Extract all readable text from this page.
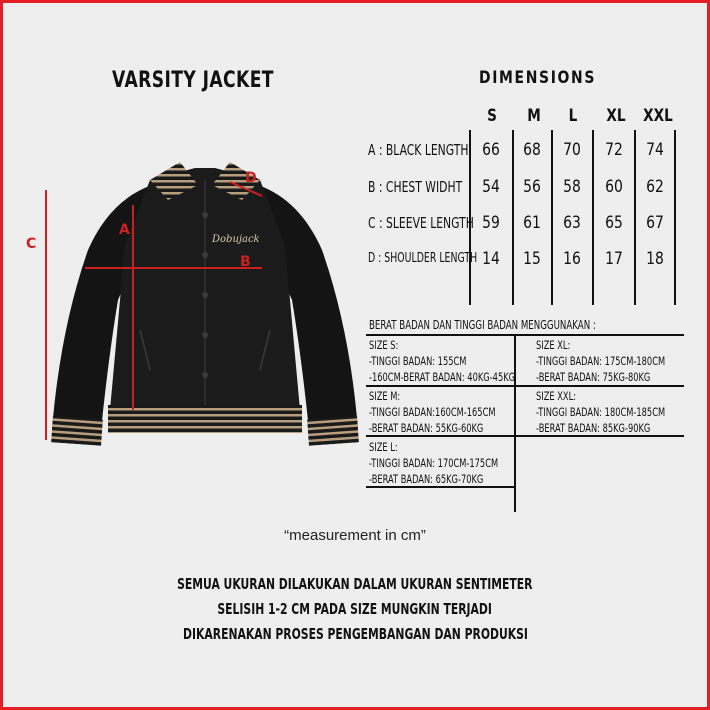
Dobujack
A
B
C
D
VARSITY JACKET	DIMENSIONS
S	M	L	XL	XXL
A : BLACK LENGTH 66	68	70	72	74
B : CHEST WIDHT	54	56	58	60	62
C : SLEEVE LENGTH 59	61	63	65	67
D : SHOULDER LENGTH 14	15	16	17	18
BERAT BADAN DAN TINGGI BADAN MENGGUNAKAN :
SIZE S:
-TINGGI BADAN: 155CM
-160CM-BERAT BADAN: 40KG-45KG
SIZE M:
-TINGGI BADAN:160CM-165CM
-BERAT BADAN: 55KG-60KG
SIZE L:
-TINGGI BADAN: 170CM-175CM
-BERAT BADAN: 65KG-70KG
SIZE XL:
-TINGGI BADAN: 175CM-180CM
-BERAT BADAN: 75KG-80KG
SIZE XXL:
-TINGGI BADAN: 180CM-185CM
-BERAT BADAN: 85KG-90KG
“measurement in cm”
SEMUA UKURAN DILAKUKAN DALAM UKURAN SENTIMETER
SELISIH 1-2 CM PADA SIZE MUNGKIN TERJADI
DIKARENAKAN PROSES PENGEMBANGAN DAN PRODUKSI
